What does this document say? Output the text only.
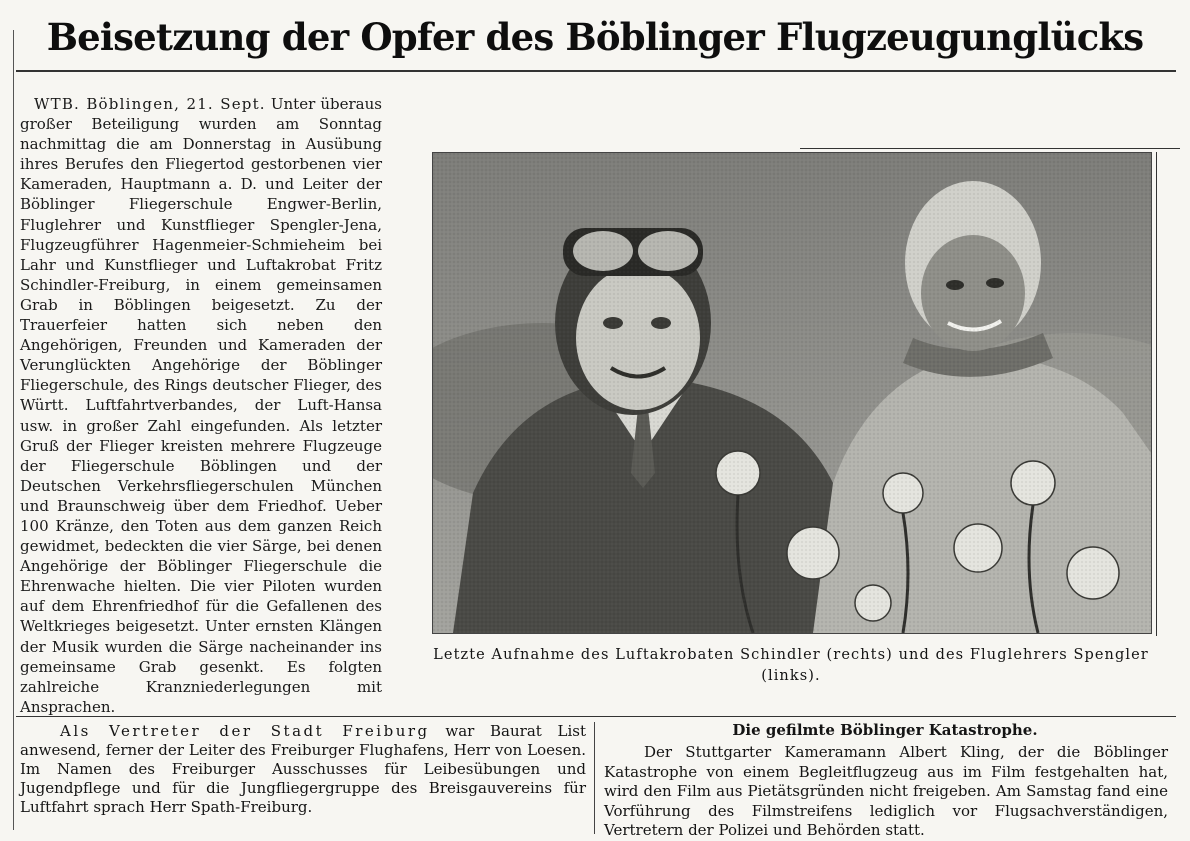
Beisetzung der Opfer des Böblinger Flugzeugunglücks

WTB. Böblingen, 21. Sept. Unter überaus großer Beteiligung wurden am Sonntag nachmittag die am Donnerstag in Ausübung ihres Berufes den Fliegertod gestorbenen vier Kameraden, Hauptmann a. D. und Leiter der Böblinger Fliegerschule Engwer-Berlin, Fluglehrer und Kunstflieger Spengler-Jena, Flugzeugführer Hagenmeier-Schmieheim bei Lahr und Kunstflieger und Luftakrobat Fritz Schindler-Freiburg, in einem gemeinsamen Grab in Böblingen beigesetzt. Zu der Trauerfeier hatten sich neben den Angehörigen, Freunden und Kameraden der Verunglückten Angehörige der Böblinger Fliegerschule, des Rings deutscher Flieger, des Württ. Luftfahrtverbandes, der Luft-Hansa usw. in großer Zahl eingefunden. Als letzter Gruß der Flieger kreisten mehrere Flugzeuge der Fliegerschule Böblingen und der Deutschen Verkehrsfliegerschulen München und Braunschweig über dem Friedhof. Ueber 100 Kränze, den Toten aus dem ganzen Reich gewidmet, bedeckten die vier Särge, bei denen Angehörige der Böblinger Fliegerschule die Ehrenwache hielten. Die vier Piloten wurden auf dem Ehrenfriedhof für die Gefallenen des Weltkrieges beigesetzt. Unter ernsten Klängen der Musik wurden die Särge nacheinander ins gemeinsame Grab gesenkt. Es folgten zahlreiche Kranzniederlegungen mit Ansprachen.

Letzte Aufnahme des Luftakrobaten Schindler (rechts) und des Fluglehrers Spengler (links).

Als Vertreter der Stadt Freiburg war Baurat List anwesend, ferner der Leiter des Freiburger Flughafens, Herr von Loesen. Im Namen des Freiburger Ausschusses für Leibesübungen und Jugendpflege und für die Jungfliegergruppe des Breisgauvereins für Luftfahrt sprach Herr Spath-Freiburg.

Die gefilmte Böblinger Katastrophe.

Der Stuttgarter Kameramann Albert Kling, der die Böblinger Katastrophe von einem Begleitflugzeug aus im Film festgehalten hat, wird den Film aus Pietätsgründen nicht freigeben. Am Samstag fand eine Vorführung des Filmstreifens lediglich vor Flugsachverständigen, Vertretern der Polizei und Behörden statt.
